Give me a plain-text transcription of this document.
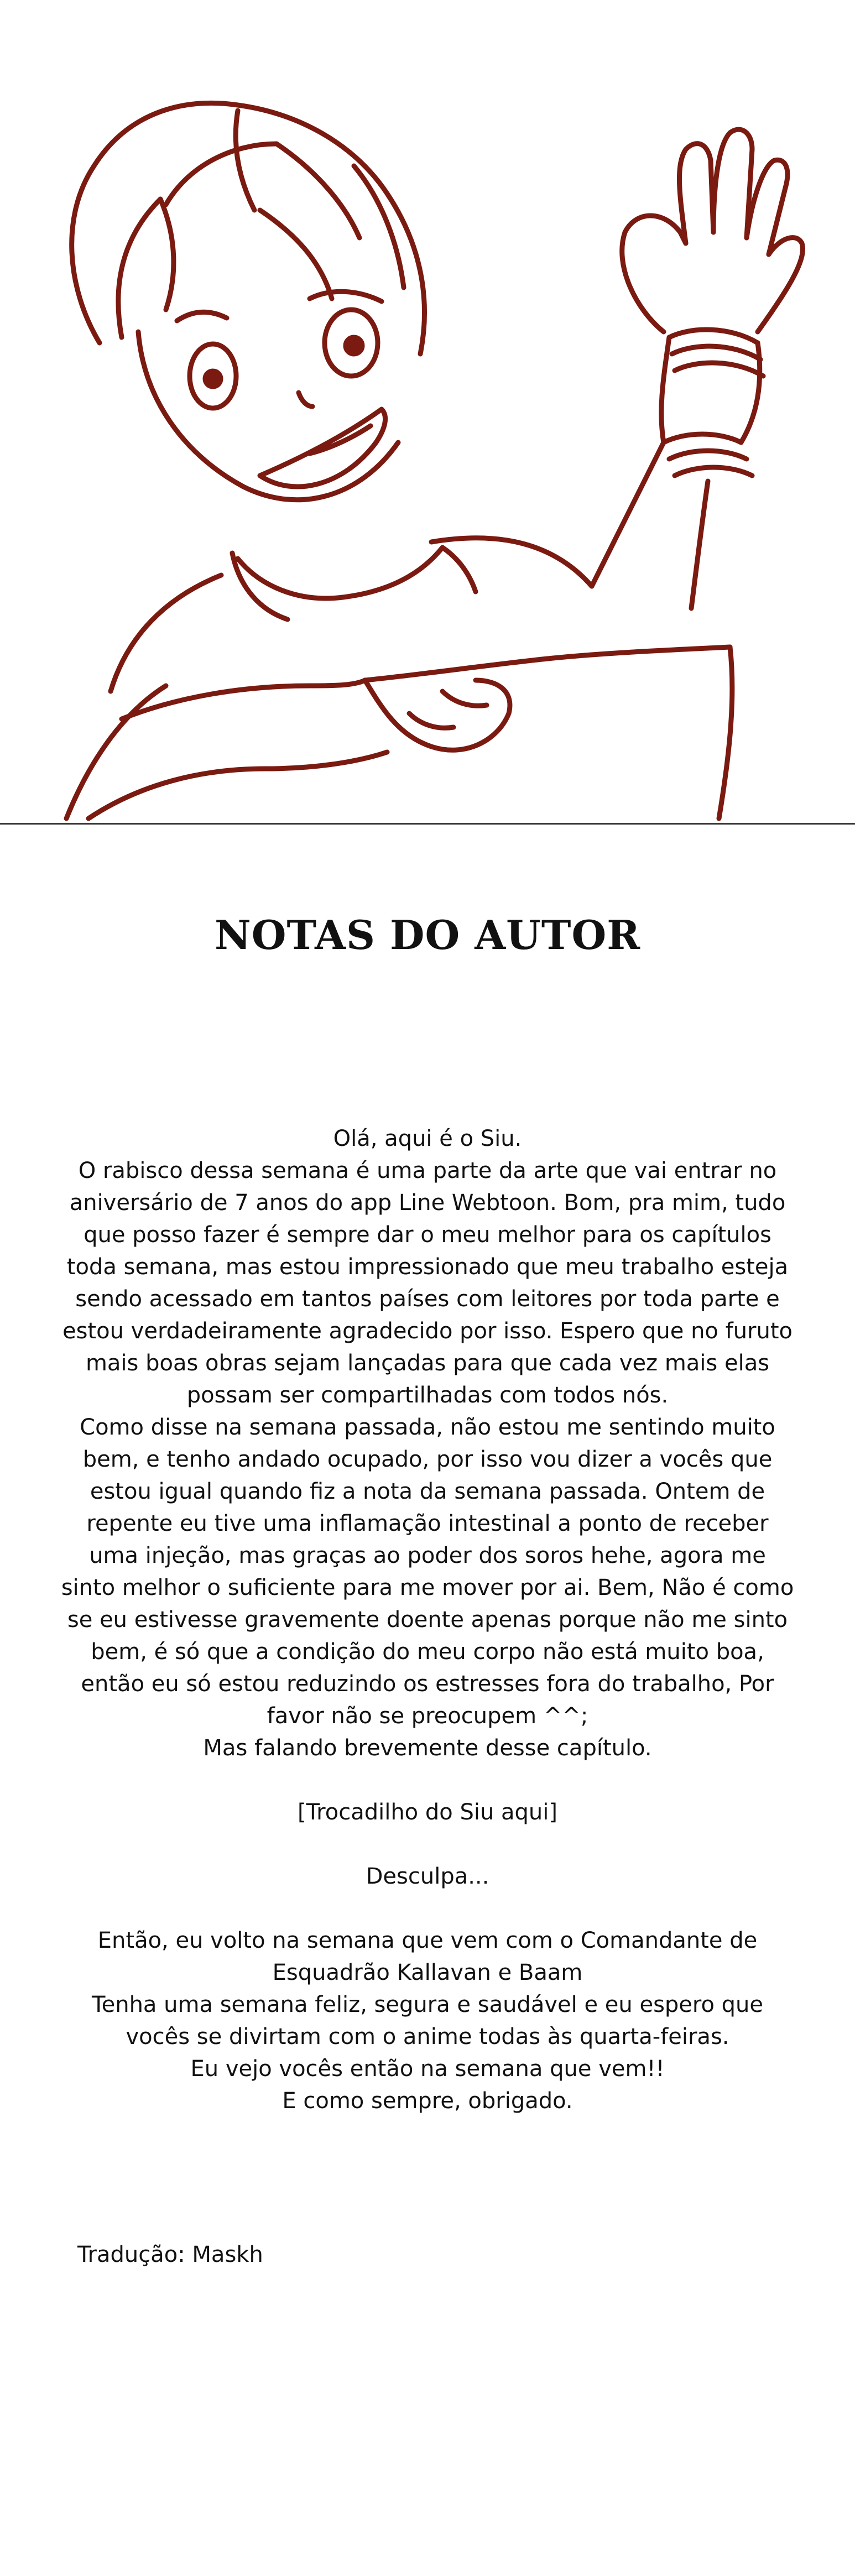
NOTAS DO AUTOR

Olá, aqui é o Siu.

O rabisco dessa semana é uma parte da arte que vai entrar no aniversário de 7 anos do app Line Webtoon. Bom, pra mim, tudo que posso fazer é sempre dar o meu melhor para os capítulos toda semana, mas estou impressionado que meu trabalho esteja sendo acessado em tantos países com leitores por toda parte e estou verdadeiramente agradecido por isso. Espero que no furuto mais boas obras sejam lançadas para que cada vez mais elas possam ser compartilhadas com todos nós.

Como disse na semana passada, não estou me sentindo muito bem, e tenho andado ocupado, por isso vou dizer a vocês que estou igual quando fiz a nota da semana passada. Ontem de repente eu tive uma inflamação intestinal a ponto de receber uma injeção, mas graças ao poder dos soros hehe, agora me sinto melhor o suficiente para me mover por ai. Bem, Não é como se eu estivesse gravemente doente apenas porque não me sinto bem, é só que a condição do meu corpo não está muito boa, então eu só estou reduzindo os estresses fora do trabalho, Por favor não se preocupem ^^;

Mas falando brevemente desse capítulo.

[Trocadilho do Siu aqui]

Desculpa...

Então, eu volto na semana que vem com o Comandante de Esquadrão Kallavan e Baam

Tenha uma semana feliz, segura e saudável e eu espero que vocês se divirtam com o anime todas às quarta-feiras.

Eu vejo vocês então na semana que vem!!

E como sempre, obrigado.

Tradução: Maskh
